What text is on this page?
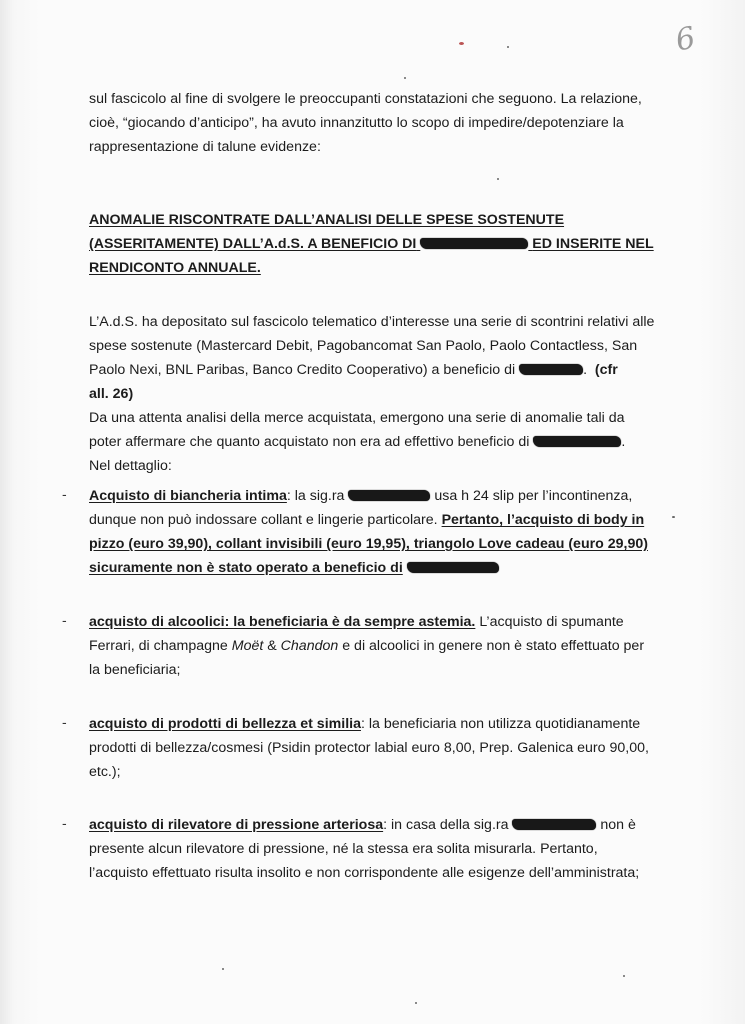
6
sul fascicolo al fine di svolgere le preoccupanti constatazioni che seguono. La relazione,
cioè, “giocando d’anticipo”, ha avuto innanzitutto lo scopo di impedire/depotenziare la
rappresentazione di talune evidenze:
ANOMALIE RISCONTRATE DALL’ANALISI DELLE SPESE SOSTENUTE
(ASSERITAMENTE) DALL’A.d.S. A BENEFICIO DI	ED INSERITE NEL
RENDICONTO ANNUALE.
L’A.d.S. ha depositato sul fascicolo telematico d’interesse una serie di scontrini relativi alle
spese sostenute (Mastercard Debit, Pagobancomat San Paolo, Paolo Contactless, San
Paolo Nexi, BNL Paribas, Banco Credito Cooperativo) a beneficio di	. (cfr
all. 26)
Da una attenta analisi della merce acquistata, emergono una serie di anomalie tali da
poter affermare che quanto acquistato non era ad effettivo beneficio di	.
Nel dettaglio:
- Acquisto di biancheria intima: la sig.ra	usa h 24 slip per l’incontinenza,
dunque non può indossare collant e lingerie particolare. Pertanto, l’acquisto di body in
pizzo (euro 39,90), collant invisibili (euro 19,95), triangolo Love cadeau (euro 29,90)
sicuramente non è stato operato a beneficio di
- acquisto di alcoolici: la beneficiaria è da sempre astemia. L’acquisto di spumante
Ferrari, di champagne Moët & Chandon e di alcoolici in genere non è stato effettuato per
la beneficiaria;
- acquisto di prodotti di bellezza et similia: la beneficiaria non utilizza quotidianamente
prodotti di bellezza/cosmesi (Psidin protector labial euro 8,00, Prep. Galenica euro 90,00,
etc.);
- acquisto di rilevatore di pressione arteriosa: in casa della sig.ra	non è
presente alcun rilevatore di pressione, né la stessa era solita misurarla. Pertanto,
l’acquisto effettuato risulta insolito e non corrispondente alle esigenze dell’amministrata;
